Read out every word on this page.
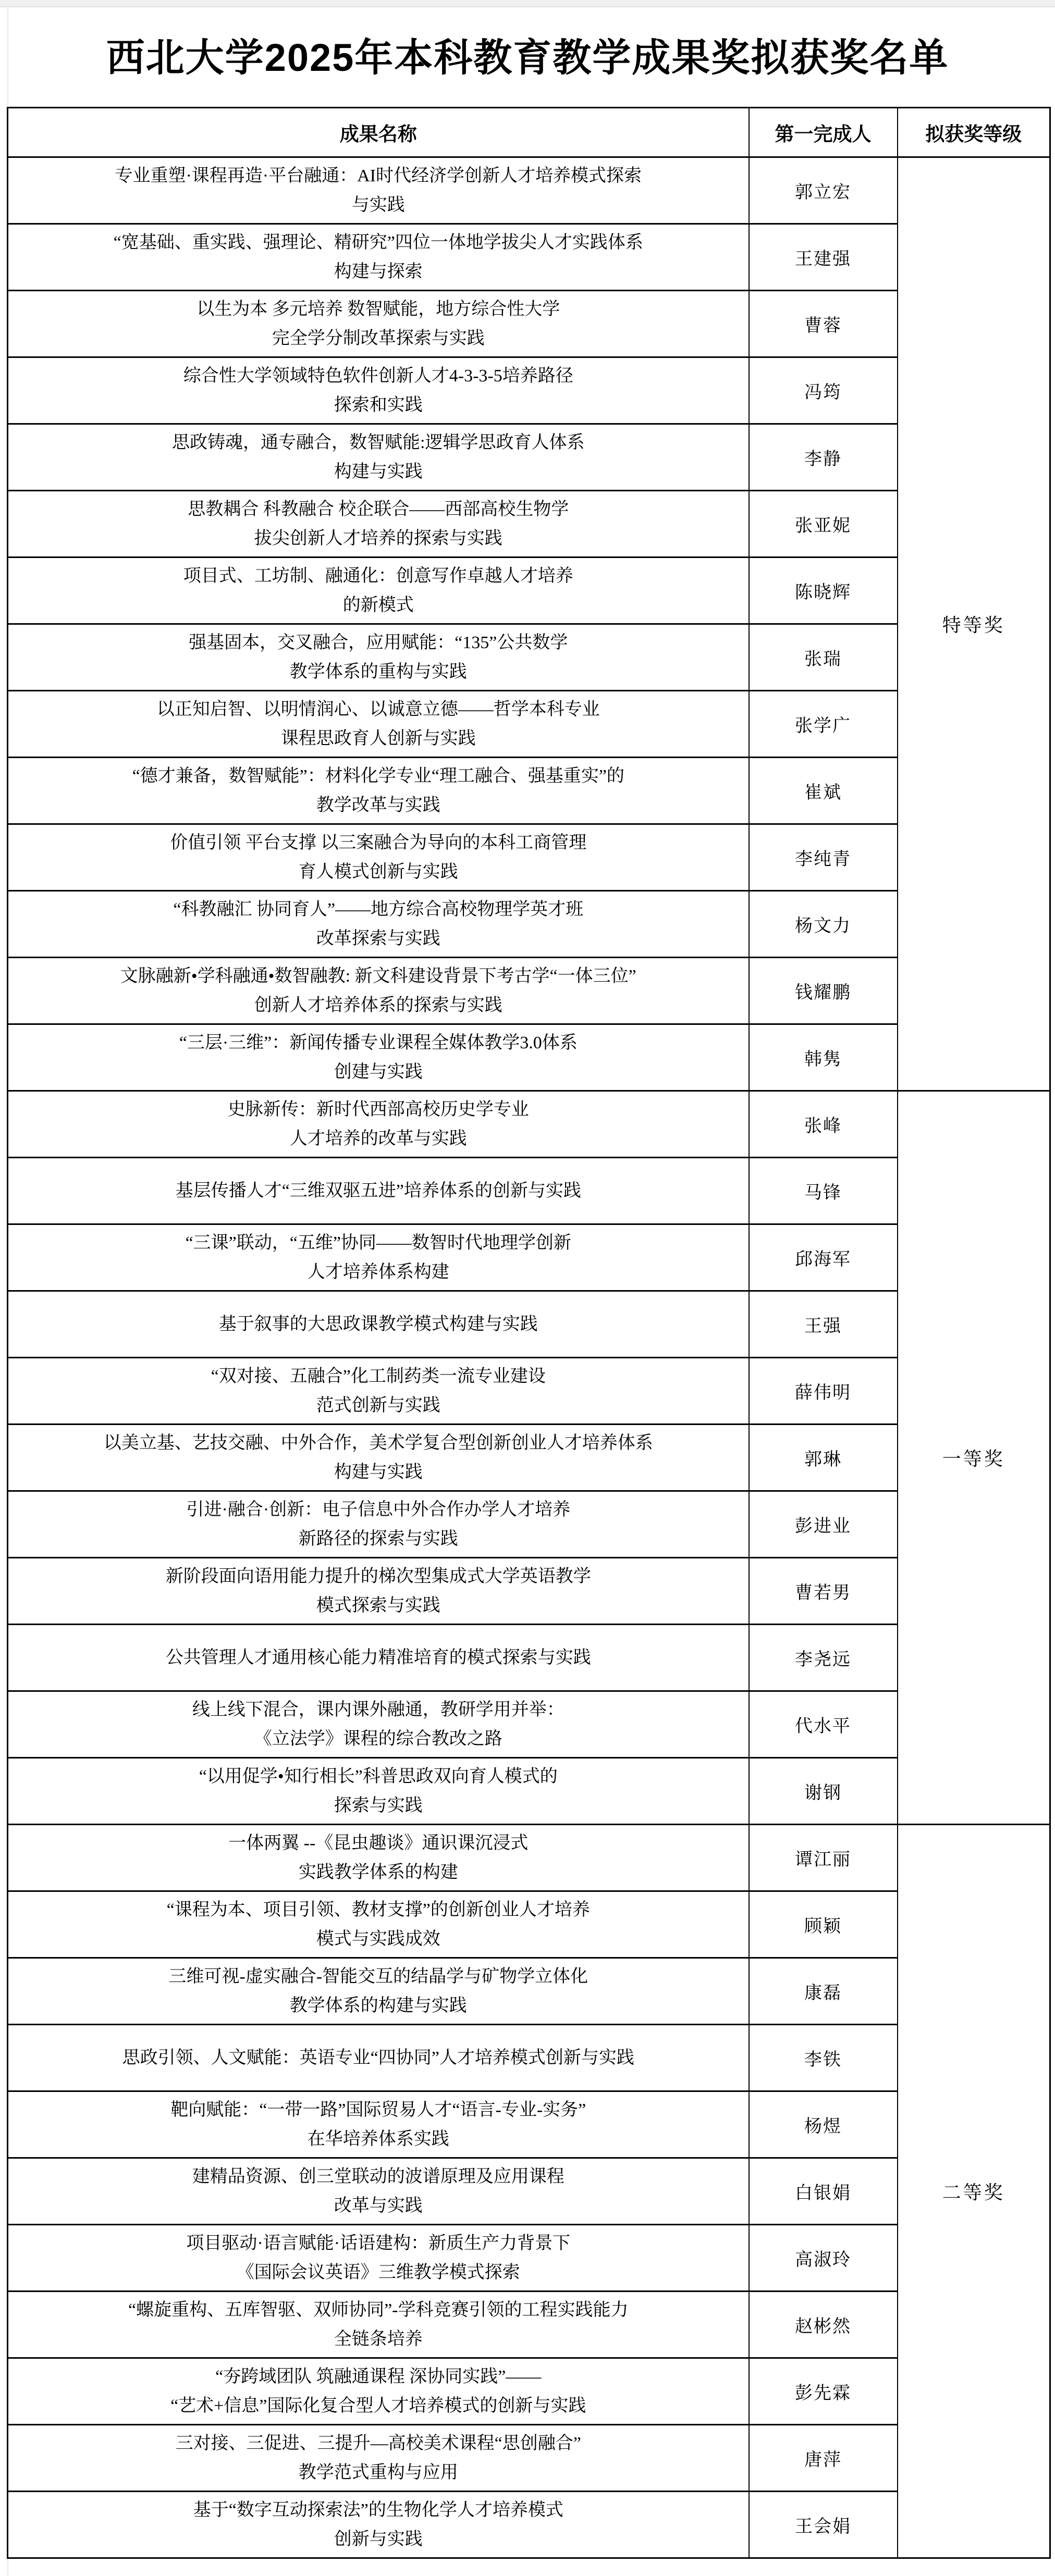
西北大学2025年本科教育教学成果奖拟获奖名单
成果名称	第一完成人	拟获奖等级

专业重塑·课程再造·平台融通：AI时代经济学创新人才培养模式探索
与实践	郭立宏	特等奖

“宽基础、重实践、强理论、精研究”四位一体地学拔尖人才实践体系
构建与探索	王建强	

以生为本 多元培养 数智赋能，地方综合性大学
完全学分制改革探索与实践	曹蓉	

综合性大学领域特色软件创新人才4-3-3-5培养路径
探索和实践	冯筠	

思政铸魂，通专融合，数智赋能:逻辑学思政育人体系
构建与实践	李静	

思教耦合 科教融合 校企联合——西部高校生物学
拔尖创新人才培养的探索与实践	张亚妮	

项目式、工坊制、融通化：创意写作卓越人才培养
的新模式	陈晓辉	

强基固本，交叉融合，应用赋能：“135”公共数学
教学体系的重构与实践	张瑞	

以正知启智、以明情润心、以诚意立德——哲学本科专业
课程思政育人创新与实践	张学广	

“德才兼备，数智赋能”：材料化学专业“理工融合、强基重实”的
教学改革与实践	崔斌	

价值引领 平台支撑 以三案融合为导向的本科工商管理
育人模式创新与实践	李纯青	

“科教融汇 协同育人”——地方综合高校物理学英才班
改革探索与实践	杨文力	

文脉融新•学科融通•数智融教: 新文科建设背景下考古学“一体三位”
创新人才培养体系的探索与实践	钱耀鹏	

“三层·三维”：新闻传播专业课程全媒体教学3.0体系
创建与实践	韩隽	

史脉新传：新时代西部高校历史学专业
人才培养的改革与实践	张峰	一等奖

基层传播人才“三维双驱五进”培养体系的创新与实践	马锋	

“三课”联动，“五维”协同——数智时代地理学创新
人才培养体系构建	邱海军	

基于叙事的大思政课教学模式构建与实践	王强	

“双对接、五融合”化工制药类一流专业建设
范式创新与实践	薛伟明	

以美立基、艺技交融、中外合作，美术学复合型创新创业人才培养体系
构建与实践	郭琳	

引进·融合·创新：电子信息中外合作办学人才培养
新路径的探索与实践	彭进业	

新阶段面向语用能力提升的梯次型集成式大学英语教学
模式探索与实践	曹若男	

公共管理人才通用核心能力精准培育的模式探索与实践	李尧远	

线上线下混合，课内课外融通，教研学用并举：
《立法学》课程的综合教改之路	代水平	

“以用促学•知行相长”科普思政双向育人模式的
探索与实践	谢钢	

一体两翼 --《昆虫趣谈》通识课沉浸式
实践教学体系的构建	谭江丽	二等奖

“课程为本、项目引领、教材支撑”的创新创业人才培养
模式与实践成效	顾颖	

三维可视-虚实融合-智能交互的结晶学与矿物学立体化
教学体系的构建与实践	康磊	

思政引领、人文赋能：英语专业“四协同”人才培养模式创新与实践	李铁	

靶向赋能：“一带一路”国际贸易人才“语言-专业-实务”
在华培养体系实践	杨煜	

建精品资源、创三堂联动的波谱原理及应用课程
改革与实践	白银娟	

项目驱动·语言赋能·话语建构：新质生产力背景下
《国际会议英语》三维教学模式探索	高淑玲	

“螺旋重构、五库智驱、双师协同”-学科竞赛引领的工程实践能力
全链条培养	赵彬然	

“夯跨域团队 筑融通课程 深协同实践”——
“艺术+信息”国际化复合型人才培养模式的创新与实践	彭先霖	

三对接、三促进、三提升—高校美术课程“思创融合”
教学范式重构与应用	唐萍	

基于“数字互动探索法”的生物化学人才培养模式
创新与实践	王会娟	
